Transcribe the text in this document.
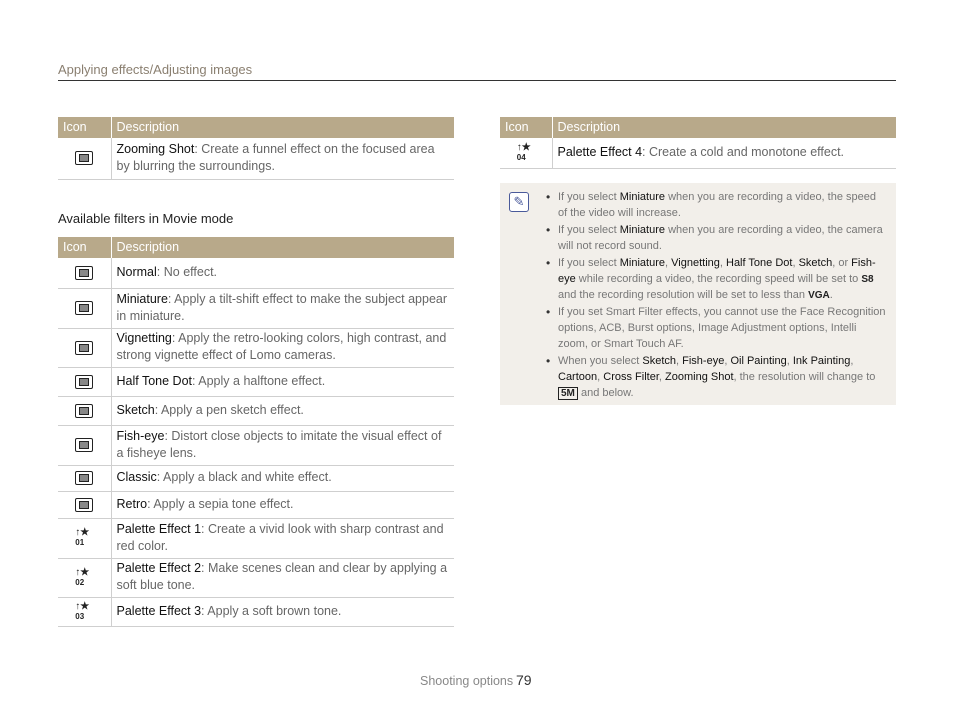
Applying effects/Adjusting images
Icon	Description
	Zooming Shot: Create a funnel effect on the focused area by blurring the surroundings.
Available filters in Movie mode
Icon	Description
	Normal: No effect.
	Miniature: Apply a tilt-shift effect to make the subject appear in miniature.
	Vignetting: Apply the retro-looking colors, high contrast, and strong vignette effect of Lomo cameras.
	Half Tone Dot: Apply a halftone effect.
	Sketch: Apply a pen sketch effect.
	Fish-eye: Distort close objects to imitate the visual effect of a fisheye lens.
	Classic: Apply a black and white effect.
	Retro: Apply a sepia tone effect.
↑★
01	Palette Effect 1: Create a vivid look with sharp contrast and red color.
↑★
02	Palette Effect 2: Make scenes clean and clear by applying a soft blue tone.
↑★
03	Palette Effect 3: Apply a soft brown tone.
Icon	Description
↑★
04	Palette Effect 4: Create a cold and monotone effect.
✎	• If you select Miniature when you are recording a video, the speed of the video will increase.
• If you select Miniature when you are recording a video, the camera will not record sound.
• If you select Miniature, Vignetting, Half Tone Dot, Sketch, or Fish-eye while recording a video, the recording speed will be set to S8 and the recording resolution will be set to less than VGA.
• If you set Smart Filter effects, you cannot use the Face Recognition options, ACB, Burst options, Image Adjustment options, Intelli zoom, or Smart Touch AF.
• When you select Sketch, Fish-eye, Oil Painting, Ink Painting, Cartoon, Cross Filter, Zooming Shot, the resolution will change to 5M and below.
Shooting options 79
